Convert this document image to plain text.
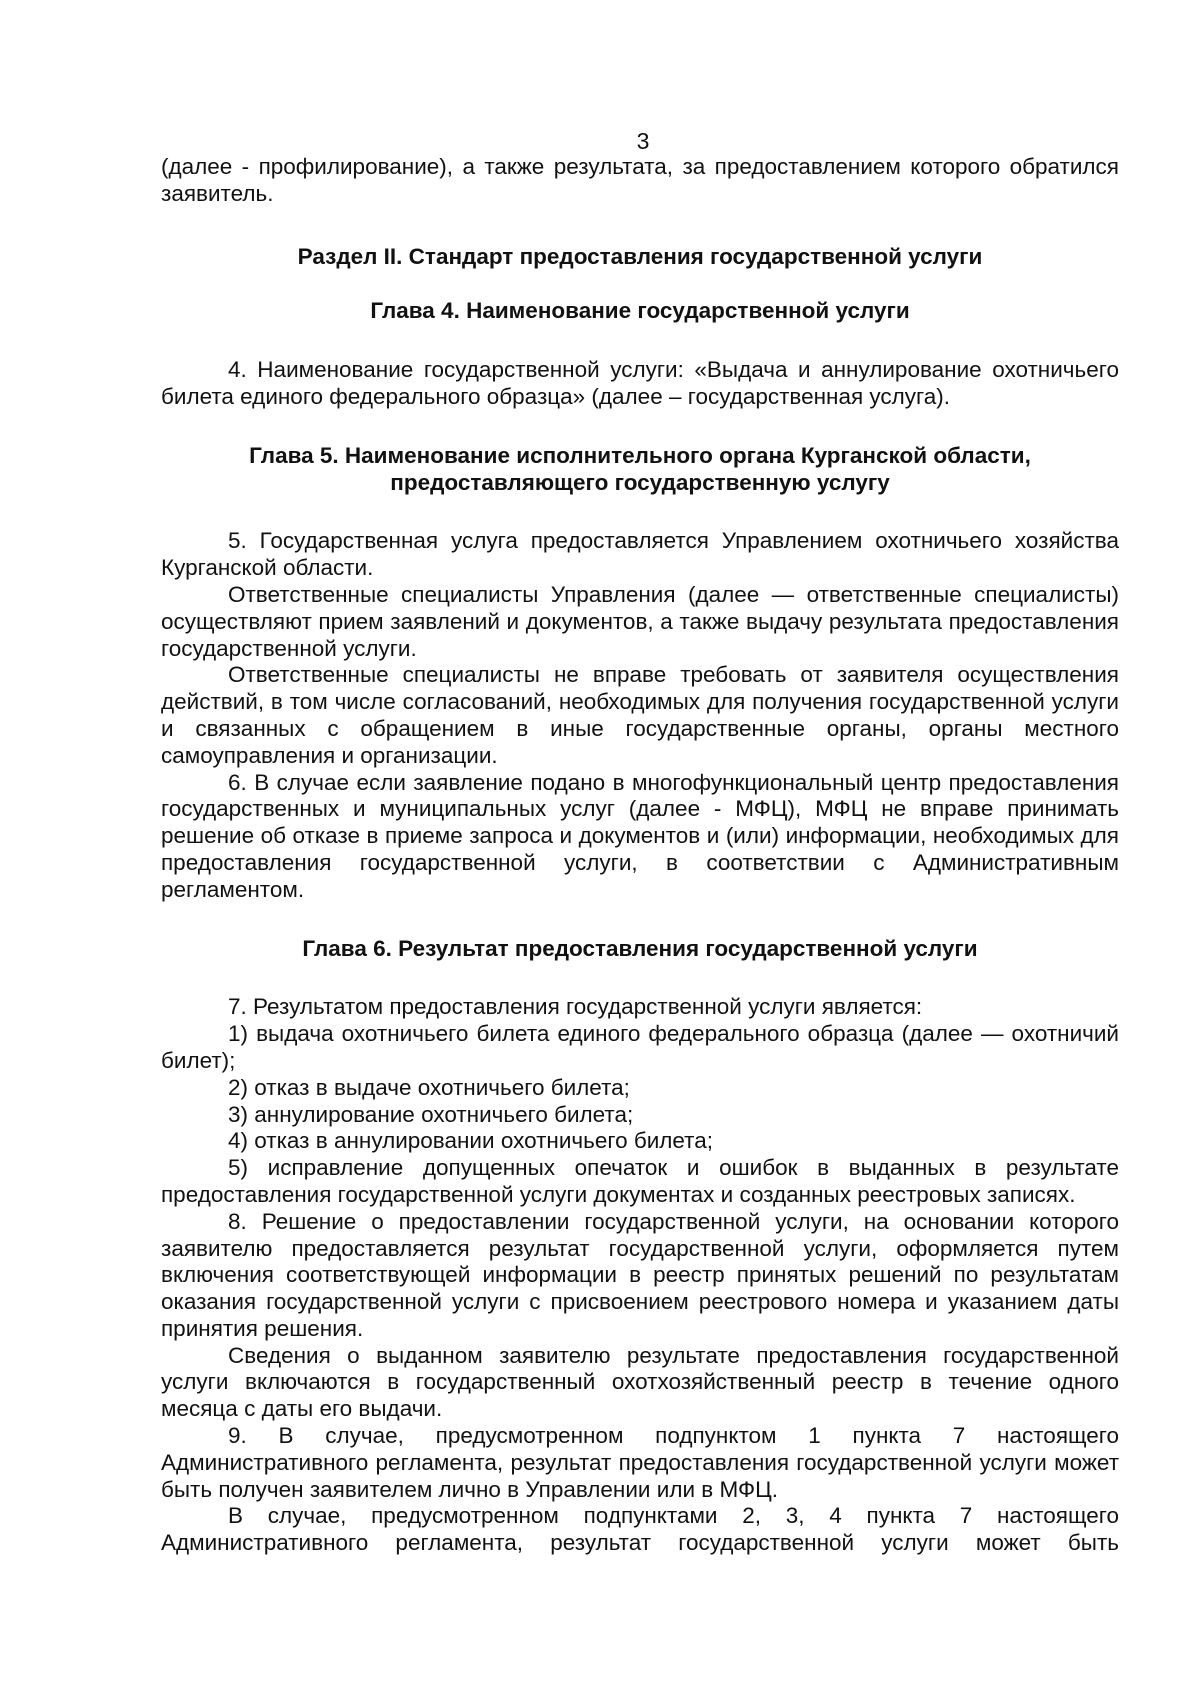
3

(далее - профилирование), а также результата, за предоставлением которого обратился заявитель.

Раздел II. Стандарт предоставления государственной услуги
Глава 4. Наименование государственной услуги

4. Наименование государственной услуги: «Выдача и аннулирование охотничьего билета единого федерального образца» (далее – государственная услуга).

Глава 5. Наименование исполнительного органа Курганской области, предоставляющего государственную услугу

5. Государственная услуга предоставляется Управлением охотничьего хозяйства Курганской области.

Ответственные специалисты Управления (далее — ответственные специалисты) осуществляют прием заявлений и документов, а также выдачу результата предоставления государственной услуги.

Ответственные специалисты не вправе требовать от заявителя осуществления действий, в том числе согласований, необходимых для получения государственной услуги и связанных с обращением в иные государственные органы, органы местного самоуправления и организации.

6. В случае если заявление подано в многофункциональный центр предоставления государственных и муниципальных услуг (далее - МФЦ), МФЦ не вправе принимать решение об отказе в приеме запроса и документов и (или) информации, необходимых для предоставления государственной услуги, в соответствии с Административным регламентом.

Глава 6. Результат предоставления государственной услуги

7. Результатом предоставления государственной услуги является:

1) выдача охотничьего билета единого федерального образца (далее — охотничий билет);

2) отказ в выдаче охотничьего билета;

3) аннулирование охотничьего билета;

4) отказ в аннулировании охотничьего билета;

5) исправление допущенных опечаток и ошибок в выданных в результате предоставления государственной услуги документах и созданных реестровых записях.

8. Решение о предоставлении государственной услуги, на основании которого заявителю предоставляется результат государственной услуги, оформляется путем включения соответствующей информации в реестр принятых решений по результатам оказания государственной услуги с присвоением реестрового номера и указанием даты принятия решения.

Сведения о выданном заявителю результате предоставления государственной услуги включаются в государственный охотхозяйственный реестр в течение одного месяца с даты его выдачи.

9. В случае, предусмотренном подпунктом 1 пункта 7 настоящего Административного регламента, результат предоставления государственной услуги может быть получен заявителем лично в Управлении или в МФЦ.

В случае, предусмотренном подпунктами 2, 3, 4 пункта 7 настоящего Административного регламента, результат государственной услуги может быть
